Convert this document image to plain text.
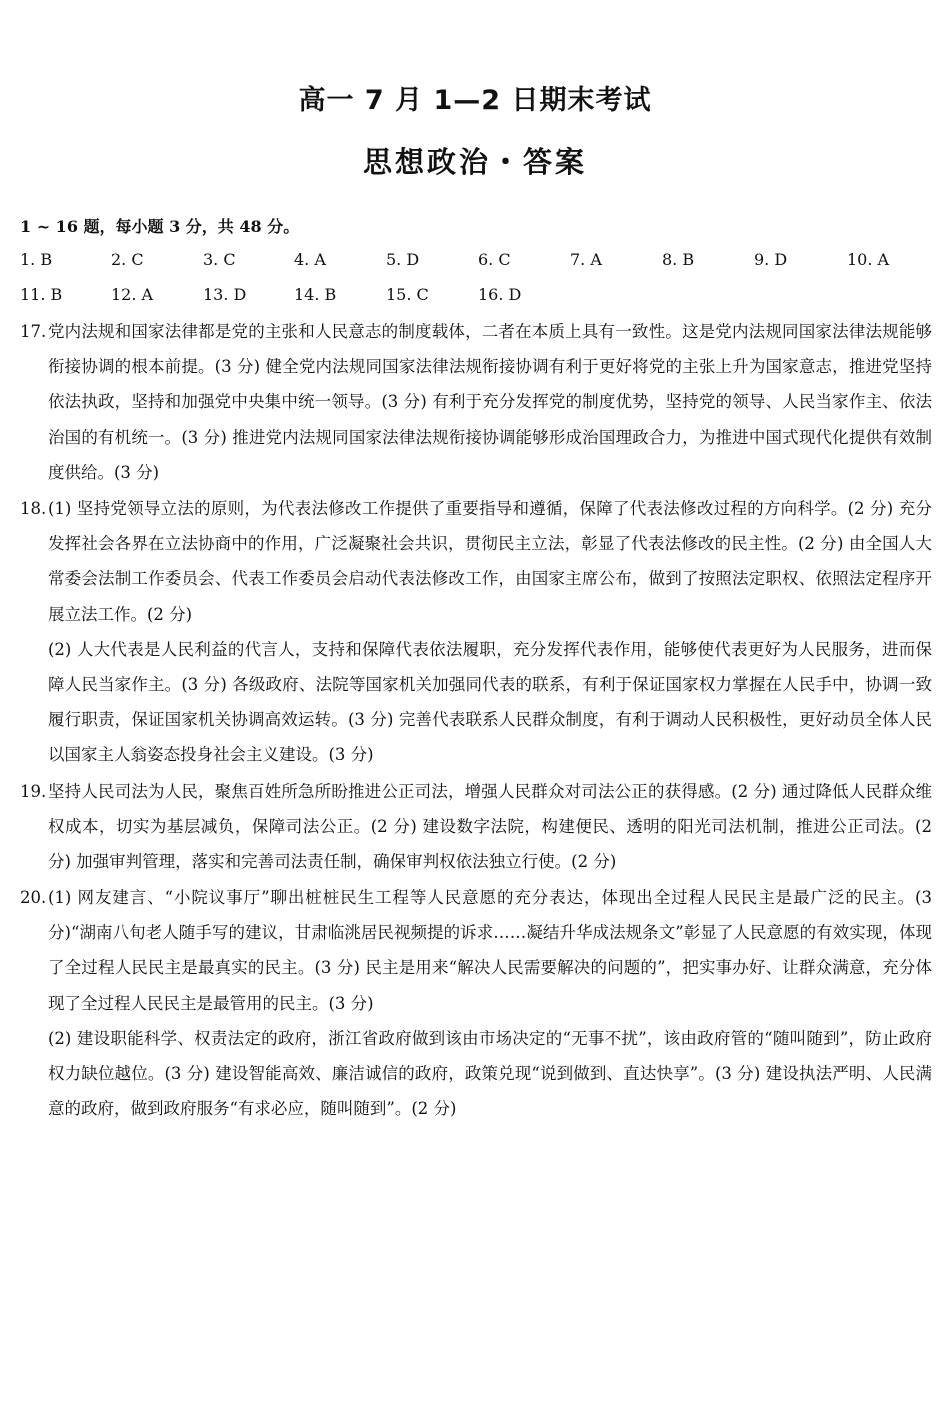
高一 7 月 1—2 日期末考试
思想政治・答案
1 ~ 16 题，每小题 3 分，共 48 分。
1. B	2. C	3. C	4. A	5. D	6. C	7. A	8. B	9. D	10. A
11. B	12. A	13. D	14. B	15. C	16. D
17. 党内法规和国家法律都是党的主张和人民意志的制度载体，二者在本质上具有一致性。这是党内法规同国家法律法规能够衔接协调的根本前提。(3 分) 健全党内法规同国家法律法规衔接协调有利于更好将党的主张上升为国家意志，推进党坚持依法执政，坚持和加强党中央集中统一领导。(3 分) 有利于充分发挥党的制度优势，坚持党的领导、人民当家作主、依法治国的有机统一。(3 分) 推进党内法规同国家法律法规衔接协调能够形成治国理政合力，为推进中国式现代化提供有效制度供给。(3 分)
18. (1) 坚持党领导立法的原则，为代表法修改工作提供了重要指导和遵循，保障了代表法修改过程的方向科学。(2 分) 充分发挥社会各界在立法协商中的作用，广泛凝聚社会共识，贯彻民主立法，彰显了代表法修改的民主性。(2 分) 由全国人大常委会法制工作委员会、代表工作委员会启动代表法修改工作，由国家主席公布，做到了按照法定职权、依照法定程序开展立法工作。(2 分)
(2) 人大代表是人民利益的代言人，支持和保障代表依法履职，充分发挥代表作用，能够使代表更好为人民服务，进而保障人民当家作主。(3 分) 各级政府、法院等国家机关加强同代表的联系，有利于保证国家权力掌握在人民手中，协调一致履行职责，保证国家机关协调高效运转。(3 分) 完善代表联系人民群众制度，有利于调动人民积极性，更好动员全体人民以国家主人翁姿态投身社会主义建设。(3 分)
19. 坚持人民司法为人民，聚焦百姓所急所盼推进公正司法，增强人民群众对司法公正的获得感。(2 分) 通过降低人民群众维权成本，切实为基层减负，保障司法公正。(2 分) 建设数字法院，构建便民、透明的阳光司法机制，推进公正司法。(2 分) 加强审判管理，落实和完善司法责任制，确保审判权依法独立行使。(2 分)
20. (1) 网友建言、“小院议事厅”聊出桩桩民生工程等人民意愿的充分表达，体现出全过程人民民主是最广泛的民主。(3 分)“湖南八旬老人随手写的建议，甘肃临洮居民视频提的诉求……凝结升华成法规条文”彰显了人民意愿的有效实现，体现了全过程人民民主是最真实的民主。(3 分) 民主是用来“解决人民需要解决的问题的”，把实事办好、让群众满意，充分体现了全过程人民民主是最管用的民主。(3 分)
(2) 建设职能科学、权责法定的政府，浙江省政府做到该由市场决定的“无事不扰”，该由政府管的“随叫随到”，防止政府权力缺位越位。(3 分) 建设智能高效、廉洁诚信的政府，政策兑现“说到做到、直达快享”。(3 分) 建设执法严明、人民满意的政府，做到政府服务“有求必应，随叫随到”。(2 分)
